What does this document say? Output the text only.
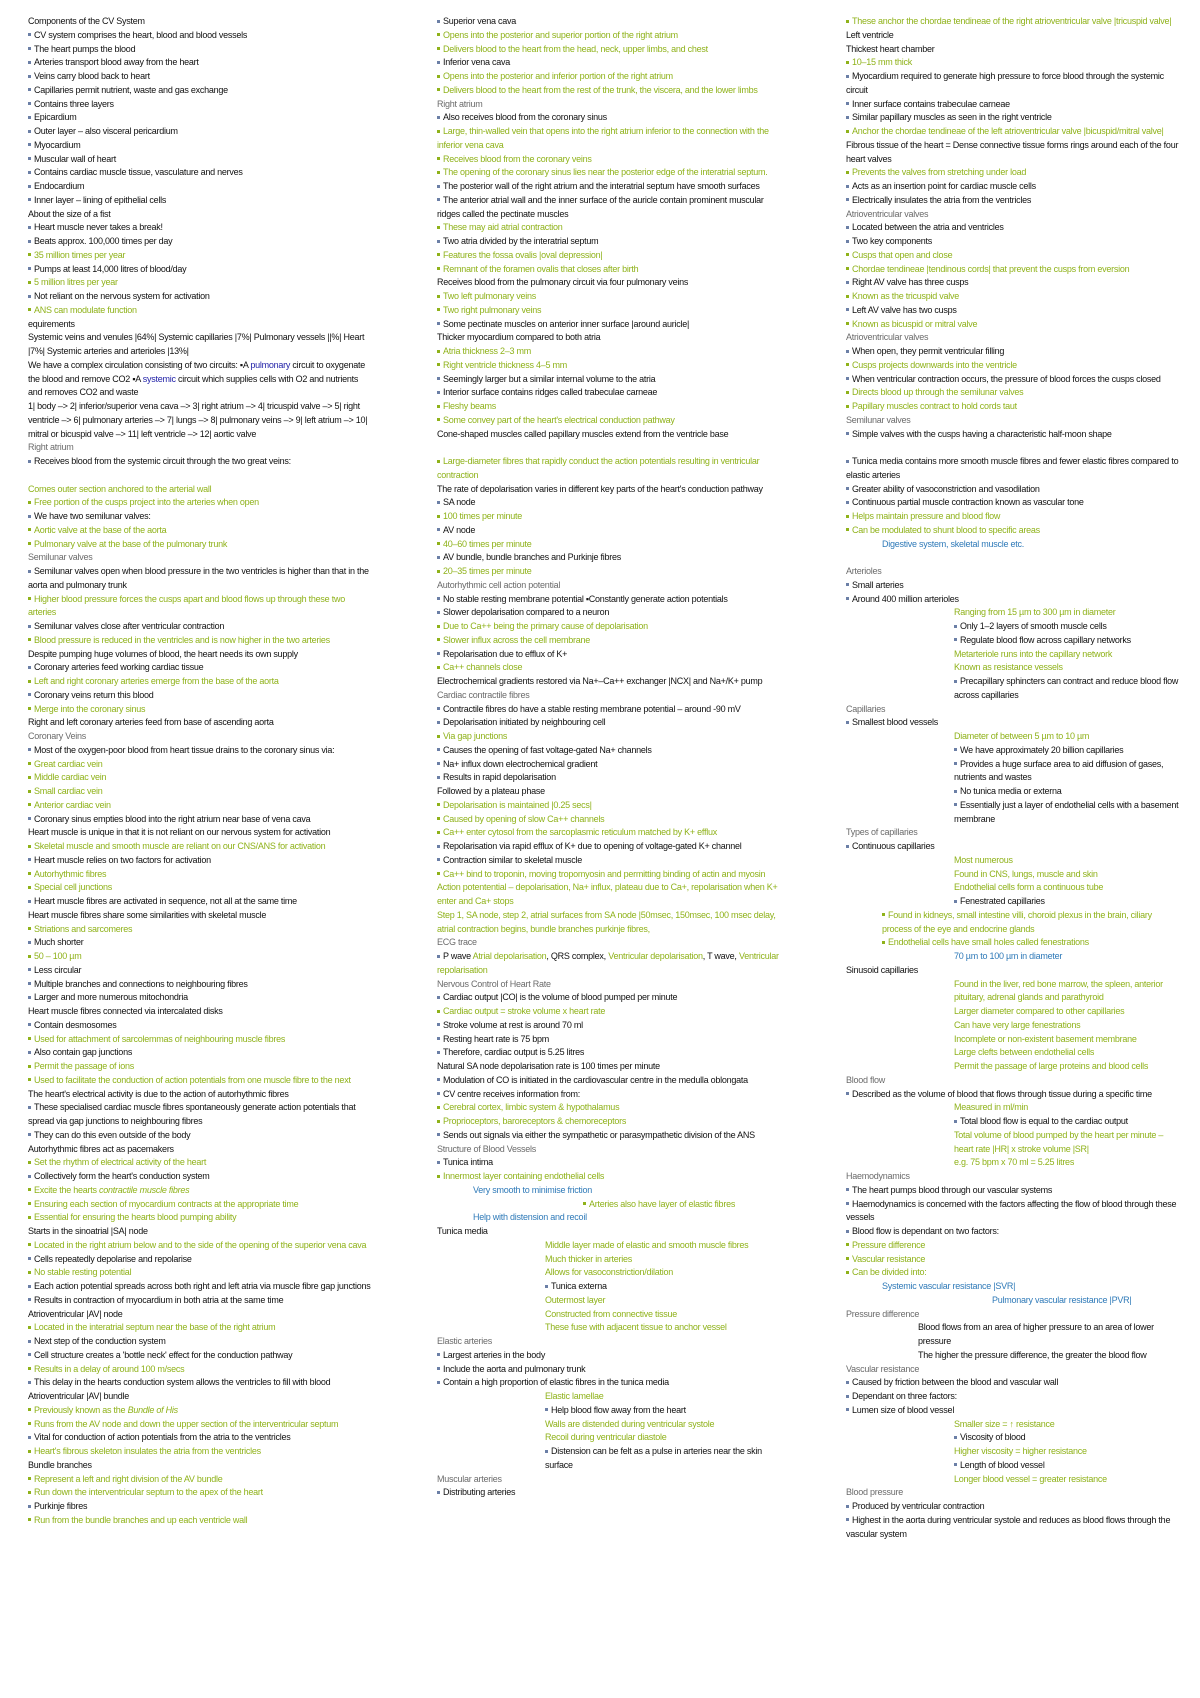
Components of the CV System
CV system comprises the heart, blood and blood vessels
The heart pumps the blood
Arteries transport blood away from the heart
Veins carry blood back to heart
Capillaries permit nutrient, waste and gas exchange
Contains three layers
Epicardium
Outer layer – also visceral pericardium
Myocardium
Muscular wall of heart
Contains cardiac muscle tissue, vasculature and nerves
Endocardium
Inner layer – lining of epithelial cells
About the size of a fist
Heart muscle never takes a break!
Beats approx. 100,000 times per day
35 million times per year
Pumps at least 14,000 litres of blood/day
5 million litres per year
Not reliant on the nervous system for activation
ANS can modulate function
equirements
Systemic veins and venules |64%| Systemic capillaries |7%| Pulmonary vessels ||%| Heart |7%| Systemic arteries and arterioles |13%|
We have a complex circulation consisting of two circuits: ▪A pulmonary circuit to oxygenate the blood and remove CO2 ▪A systemic circuit which supplies cells with O2 and nutrients and removes CO2 and waste
1| body –> 2| inferior/superior vena cava –> 3| right atrium –> 4| tricuspid valve –> 5| right ventricle –> 6| pulmonary arteries –> 7| lungs –> 8| pulmonary veins –> 9| left atrium –> 10| mitral or bicuspid valve –> 11| left ventricle –> 12| aortic valve
Right atrium
Receives blood from the systemic circuit through the two great veins:
Comes outer section anchored to the arterial wall
Free portion of the cusps project into the arteries when open
We have two semilunar valves:
Aortic valve at the base of the aorta
Pulmonary valve at the base of the pulmonary trunk
Semilunar valves
Semilunar valves open when blood pressure in the two ventricles is higher than that in the aorta and pulmonary trunk
Higher blood pressure forces the cusps apart and blood flows up through these two arteries
Semilunar valves close after ventricular contraction
Blood pressure is reduced in the ventricles and is now higher in the two arteries
Despite pumping huge volumes of blood, the heart needs its own supply
Coronary arteries feed working cardiac tissue
Left and right coronary arteries emerge from the base of the aorta
Coronary veins return this blood
Merge into the coronary sinus
Right and left coronary arteries feed from base of ascending aorta
Coronary Veins
Most of the oxygen-poor blood from heart tissue drains to the coronary sinus via:
Great cardiac vein
Middle cardiac vein
Small cardiac vein
Anterior cardiac vein
Coronary sinus empties blood into the right atrium near base of vena cava
Heart muscle is unique in that it is not reliant on our nervous system for activation
Skeletal muscle and smooth muscle are reliant on our CNS/ANS for activation
Heart muscle relies on two factors for activation
Autorhythmic fibres
Special cell junctions
Heart muscle fibres are activated in sequence, not all at the same time
Heart muscle fibres share some similarities with skeletal muscle
Striations and sarcomeres
Much shorter
50 – 100 µm
Less circular
Multiple branches and connections to neighbouring fibres
Larger and more numerous mitochondria
Heart muscle fibres connected via intercalated disks
Contain desmosomes
Used for attachment of sarcolemmas of neighbouring muscle fibres
Also contain gap junctions
Permit the passage of ions
Used to facilitate the conduction of action potentials from one muscle fibre to the next
The heart's electrical activity is due to the action of autorhythmic fibres
These specialised cardiac muscle fibres spontaneously generate action potentials that spread via gap junctions to neighbouring fibres
They can do this even outside of the body
Autorhythmic fibres act as pacemakers
Set the rhythm of electrical activity of the heart
Collectively form the heart's conduction system
Excite the hearts contractile muscle fibres
Ensuring each section of myocardium contracts at the appropriate time
Essential for ensuring the hearts blood pumping ability
Starts in the sinoatrial |SA| node
Located in the right atrium below and to the side of the opening of the superior vena cava
Cells repeatedly depolarise and repolarise
No stable resting potential
Each action potential spreads across both right and left atria via muscle fibre gap junctions
Results in contraction of myocardium in both atria at the same time
Atrioventricular |AV| node
Located in the interatrial septum near the base of the right atrium
Next step of the conduction system
Cell structure creates a 'bottle neck' effect for the conduction pathway
Results in a delay of around 100 m/secs
This delay in the hearts conduction system allows the ventricles to fill with blood
Atrioventricular |AV| bundle
Previously known as the Bundle of His
Runs from the AV node and down the upper section of the interventricular septum
Vital for conduction of action potentials from the atria to the ventricles
Heart's fibrous skeleton insulates the atria from the ventricles
Bundle branches
Represent a left and right division of the AV bundle
Run down the interventricular septum to the apex of the heart
Purkinje fibres
Run from the bundle branches and up each ventricle wall
Superior vena cava
Opens into the posterior and superior portion of the right atrium
Delivers blood to the heart from the head, neck, upper limbs, and chest
Inferior vena cava
Opens into the posterior and inferior portion of the right atrium
Delivers blood to the heart from the rest of the trunk, the viscera, and the lower limbs
Right atrium
Also receives blood from the coronary sinus
Large, thin-walled vein that opens into the right atrium inferior to the connection with the inferior vena cava
Receives blood from the coronary veins
The opening of the coronary sinus lies near the posterior edge of the interatrial septum.
The posterior wall of the right atrium and the interatrial septum have smooth surfaces
The anterior atrial wall and the inner surface of the auricle contain prominent muscular ridges called the pectinate muscles
These may aid atrial contraction
Two atria divided by the interatrial septum
Features the fossa ovalis |oval depression|
Remnant of the foramen ovalis that closes after birth
Receives blood from the pulmonary circuit via four pulmonary veins
Two left pulmonary veins
Two right pulmonary veins
Some pectinate muscles on anterior inner surface |around auricle|
Thicker myocardium compared to both atria
Atria thickness 2–3 mm
Right ventricle thickness 4–5 mm
Seemingly larger but a similar internal volume to the atria
Interior surface contains ridges called trabeculae carneae
Fleshy beams
Some convey part of the heart's electrical conduction pathway
Cone-shaped muscles called papillary muscles extend from the ventricle base
Large-diameter fibres that rapidly conduct the action potentials resulting in ventricular contraction
The rate of depolarisation varies in different key parts of the heart's conduction pathway
SA node
100 times per minute
AV node
40–60 times per minute
AV bundle, bundle branches and Purkinje fibres
20–35 times per minute
Autorhythmic cell action potential
No stable resting membrane potential ▪Constantly generate action potentials
Slower depolarisation compared to a neuron
Due to Ca++ being the primary cause of depolarisation
Slower influx across the cell membrane
Repolarisation due to efflux of K+
Ca++ channels close
Electrochemical gradients restored via Na+–Ca++ exchanger |NCX| and Na+/K+ pump
Cardiac contractile fibres
Contractile fibres do have a stable resting membrane potential – around -90 mV
Depolarisation initiated by neighbouring cell
Via gap junctions
Causes the opening of fast voltage-gated Na+ channels
Na+ influx down electrochemical gradient
Results in rapid depolarisation
Followed by a plateau phase
Depolarisation is maintained |0.25 secs|
Caused by opening of slow Ca++ channels
Ca++ enter cytosol from the sarcoplasmic reticulum matched by K+ efflux
Repolarisation via rapid efflux of K+ due to opening of voltage-gated K+ channel
Contraction similar to skeletal muscle
Ca++ bind to troponin, moving tropomyosin and permitting binding of actin and myosin
Action potentential – depolarisation, Na+ influx, plateau due to Ca+, repolarisation when K+ enter and Ca+ stops
Step 1, SA node, step 2, atrial surfaces from SA node |50msec, 150msec, 100 msec delay, atrial contraction begins, bundle branches purkinje fibres,
ECG trace
P wave Atrial depolarisation, QRS complex, Ventricular depolarisation, T wave, Ventricular repolarisation
Nervous Control of Heart Rate
Cardiac output |CO| is the volume of blood pumped per minute
Cardiac output = stroke volume x heart rate
Stroke volume at rest is around 70 ml
Resting heart rate is 75 bpm
Therefore, cardiac output is 5.25 litres
Natural SA node depolarisation rate is 100 times per minute
Modulation of CO is initiated in the cardiovascular centre in the medulla oblongata
CV centre receives information from:
Cerebral cortex, limbic system & hypothalamus
Proprioceptors, baroreceptors & chemoreceptors
Sends out signals via either the sympathetic or parasympathetic division of the ANS
Structure of Blood Vessels
Tunica intima
Innermost layer containing endothelial cells
Very smooth to minimise friction
Arteries also have layer of elastic fibres
Help with distension and recoil
Tunica media
Middle layer made of elastic and smooth muscle fibres
Much thicker in arteries
Allows for vasoconstriction/dilation
Tunica externa
Outermost layer
Constructed from connective tissue
These fuse with adjacent tissue to anchor vessel
Elastic arteries
Largest arteries in the body
Include the aorta and pulmonary trunk
Contain a high proportion of elastic fibres in the tunica media
Elastic lamellae
Help blood flow away from the heart
Walls are distended during ventricular systole
Recoil during ventricular diastole
Distension can be felt as a pulse in arteries near the skin surface
Muscular arteries
Distributing arteries
These anchor the chordae tendineae of the right atrioventricular valve |tricuspid valve|
Left ventricle
Thickest heart chamber
10–15 mm thick
Myocardium required to generate high pressure to force blood through the systemic circuit
Inner surface contains trabeculae carneae
Similar papillary muscles as seen in the right ventricle
Anchor the chordae tendineae of the left atrioventricular valve |bicuspid/mitral valve|
Fibrous tissue of the heart = Dense connective tissue forms rings around each of the four heart valves
Prevents the valves from stretching under load
Acts as an insertion point for cardiac muscle cells
Electrically insulates the atria from the ventricles
Atrioventricular valves
Located between the atria and ventricles
Two key components
Cusps that open and close
Chordae tendineae |tendinous cords| that prevent the cusps from eversion
Right AV valve has three cusps
Known as the tricuspid valve
Left AV valve has two cusps
Known as bicuspid or mitral valve
Atrioventricular valves
When open, they permit ventricular filling
Cusps projects downwards into the ventricle
When ventricular contraction occurs, the pressure of blood forces the cusps closed
Directs blood up through the semilunar valves
Papillary muscles contract to hold cords taut
Semilunar valves
Simple valves with the cusps having a characteristic half-moon shape
Tunica media contains more smooth muscle fibres and fewer elastic fibres compared to elastic arteries
Greater ability of vasoconstriction and vasodilation
Continuous partial muscle contraction known as vascular tone
Helps maintain pressure and blood flow
Can be modulated to shunt blood to specific areas
Digestive system, skeletal muscle etc.
Arterioles
Small arteries
Around 400 million arterioles
Ranging from 15 µm to 300 µm in diameter
Only 1–2 layers of smooth muscle cells
Regulate blood flow across capillary networks
Metarteriole runs into the capillary network
Known as resistance vessels
Precapillary sphincters can contract and reduce blood flow across capillaries
Capillaries
Smallest blood vessels
Diameter of between 5 µm to 10 µm
We have approximately 20 billion capillaries
Provides a huge surface area to aid diffusion of gases, nutrients and wastes
No tunica media or externa
Essentially just a layer of endothelial cells with a basement membrane
Types of capillaries
Continuous capillaries
Most numerous
Found in CNS, lungs, muscle and skin
Endothelial cells form a continuous tube
Fenestrated capillaries
Found in kidneys, small intestine villi, choroid plexus in the brain, ciliary process of the eye and endocrine glands
Endothelial cells have small holes called fenestrations
70 µm to 100 µm in diameter
Sinusoid capillaries
Found in the liver, red bone marrow, the spleen, anterior pituitary, adrenal glands and parathyroid
Larger diameter compared to other capillaries
Can have very large fenestrations
Incomplete or non-existent basement membrane
Large clefts between endothelial cells
Permit the passage of large proteins and blood cells
Blood flow
Described as the volume of blood that flows through tissue during a specific time
Measured in ml/min
Total blood flow is equal to the cardiac output
Total volume of blood pumped by the heart per minute – heart rate |HR| x stroke volume |SR|
e.g. 75 bpm x 70 ml = 5.25 litres
Haemodynamics
The heart pumps blood through our vascular systems
Haemodynamics is concerned with the factors affecting the flow of blood through these vessels
Blood flow is dependant on two factors:
Pressure difference
Vascular resistance
Can be divided into:
Systemic vascular resistance |SVR|
Pulmonary vascular resistance |PVR|
Pressure difference
Blood flows from an area of higher pressure to an area of lower pressure
The higher the pressure difference, the greater the blood flow
Vascular resistance
Caused by friction between the blood and vascular wall
Dependant on three factors:
Lumen size of blood vessel
Smaller size = ↑ resistance
Viscosity of blood
Higher viscosity = higher resistance
Length of blood vessel
Longer blood vessel = greater resistance
Blood pressure
Produced by ventricular contraction
Highest in the aorta during ventricular systole and reduces as blood flows through the vascular system
